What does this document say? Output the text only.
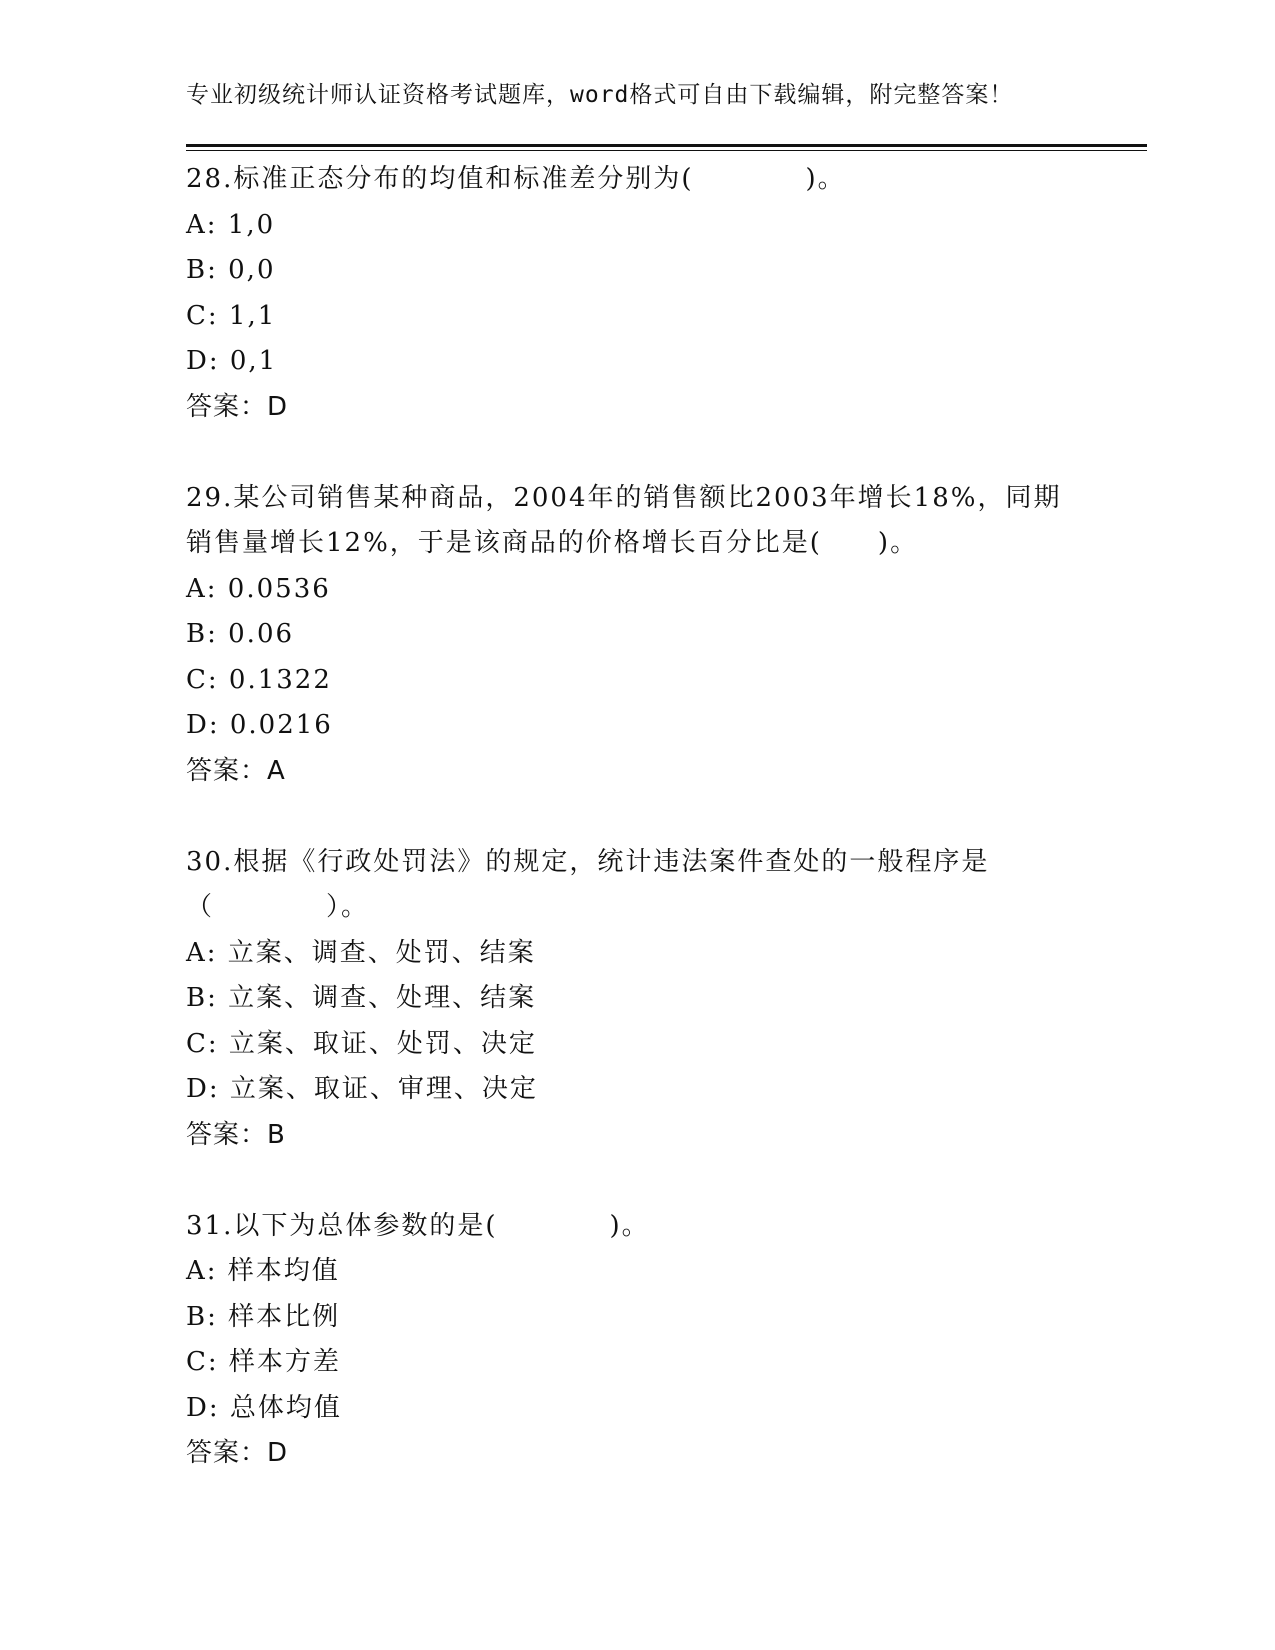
专业初级统计师认证资格考试题库，word格式可自由下载编辑，附完整答案！
28.标准正态分布的均值和标准差分别为(　　　　)。
A: 1,0
B: 0,0
C: 1,1
D: 0,1
答案：D
29.某公司销售某种商品，2004年的销售额比2003年增长18%，同期销售量增长12%，于是该商品的价格增长百分比是(　　)。
A: 0.0536
B: 0.06
C: 0.1322
D: 0.0216
答案：A
30.根据《行政处罚法》的规定，统计违法案件查处的一般程序是（　　　　）。
A: 立案、调查、处罚、结案
B: 立案、调查、处理、结案
C: 立案、取证、处罚、决定
D: 立案、取证、审理、决定
答案：B
31.以下为总体参数的是(　　　　)。
A: 样本均值
B: 样本比例
C: 样本方差
D: 总体均值
答案：D
